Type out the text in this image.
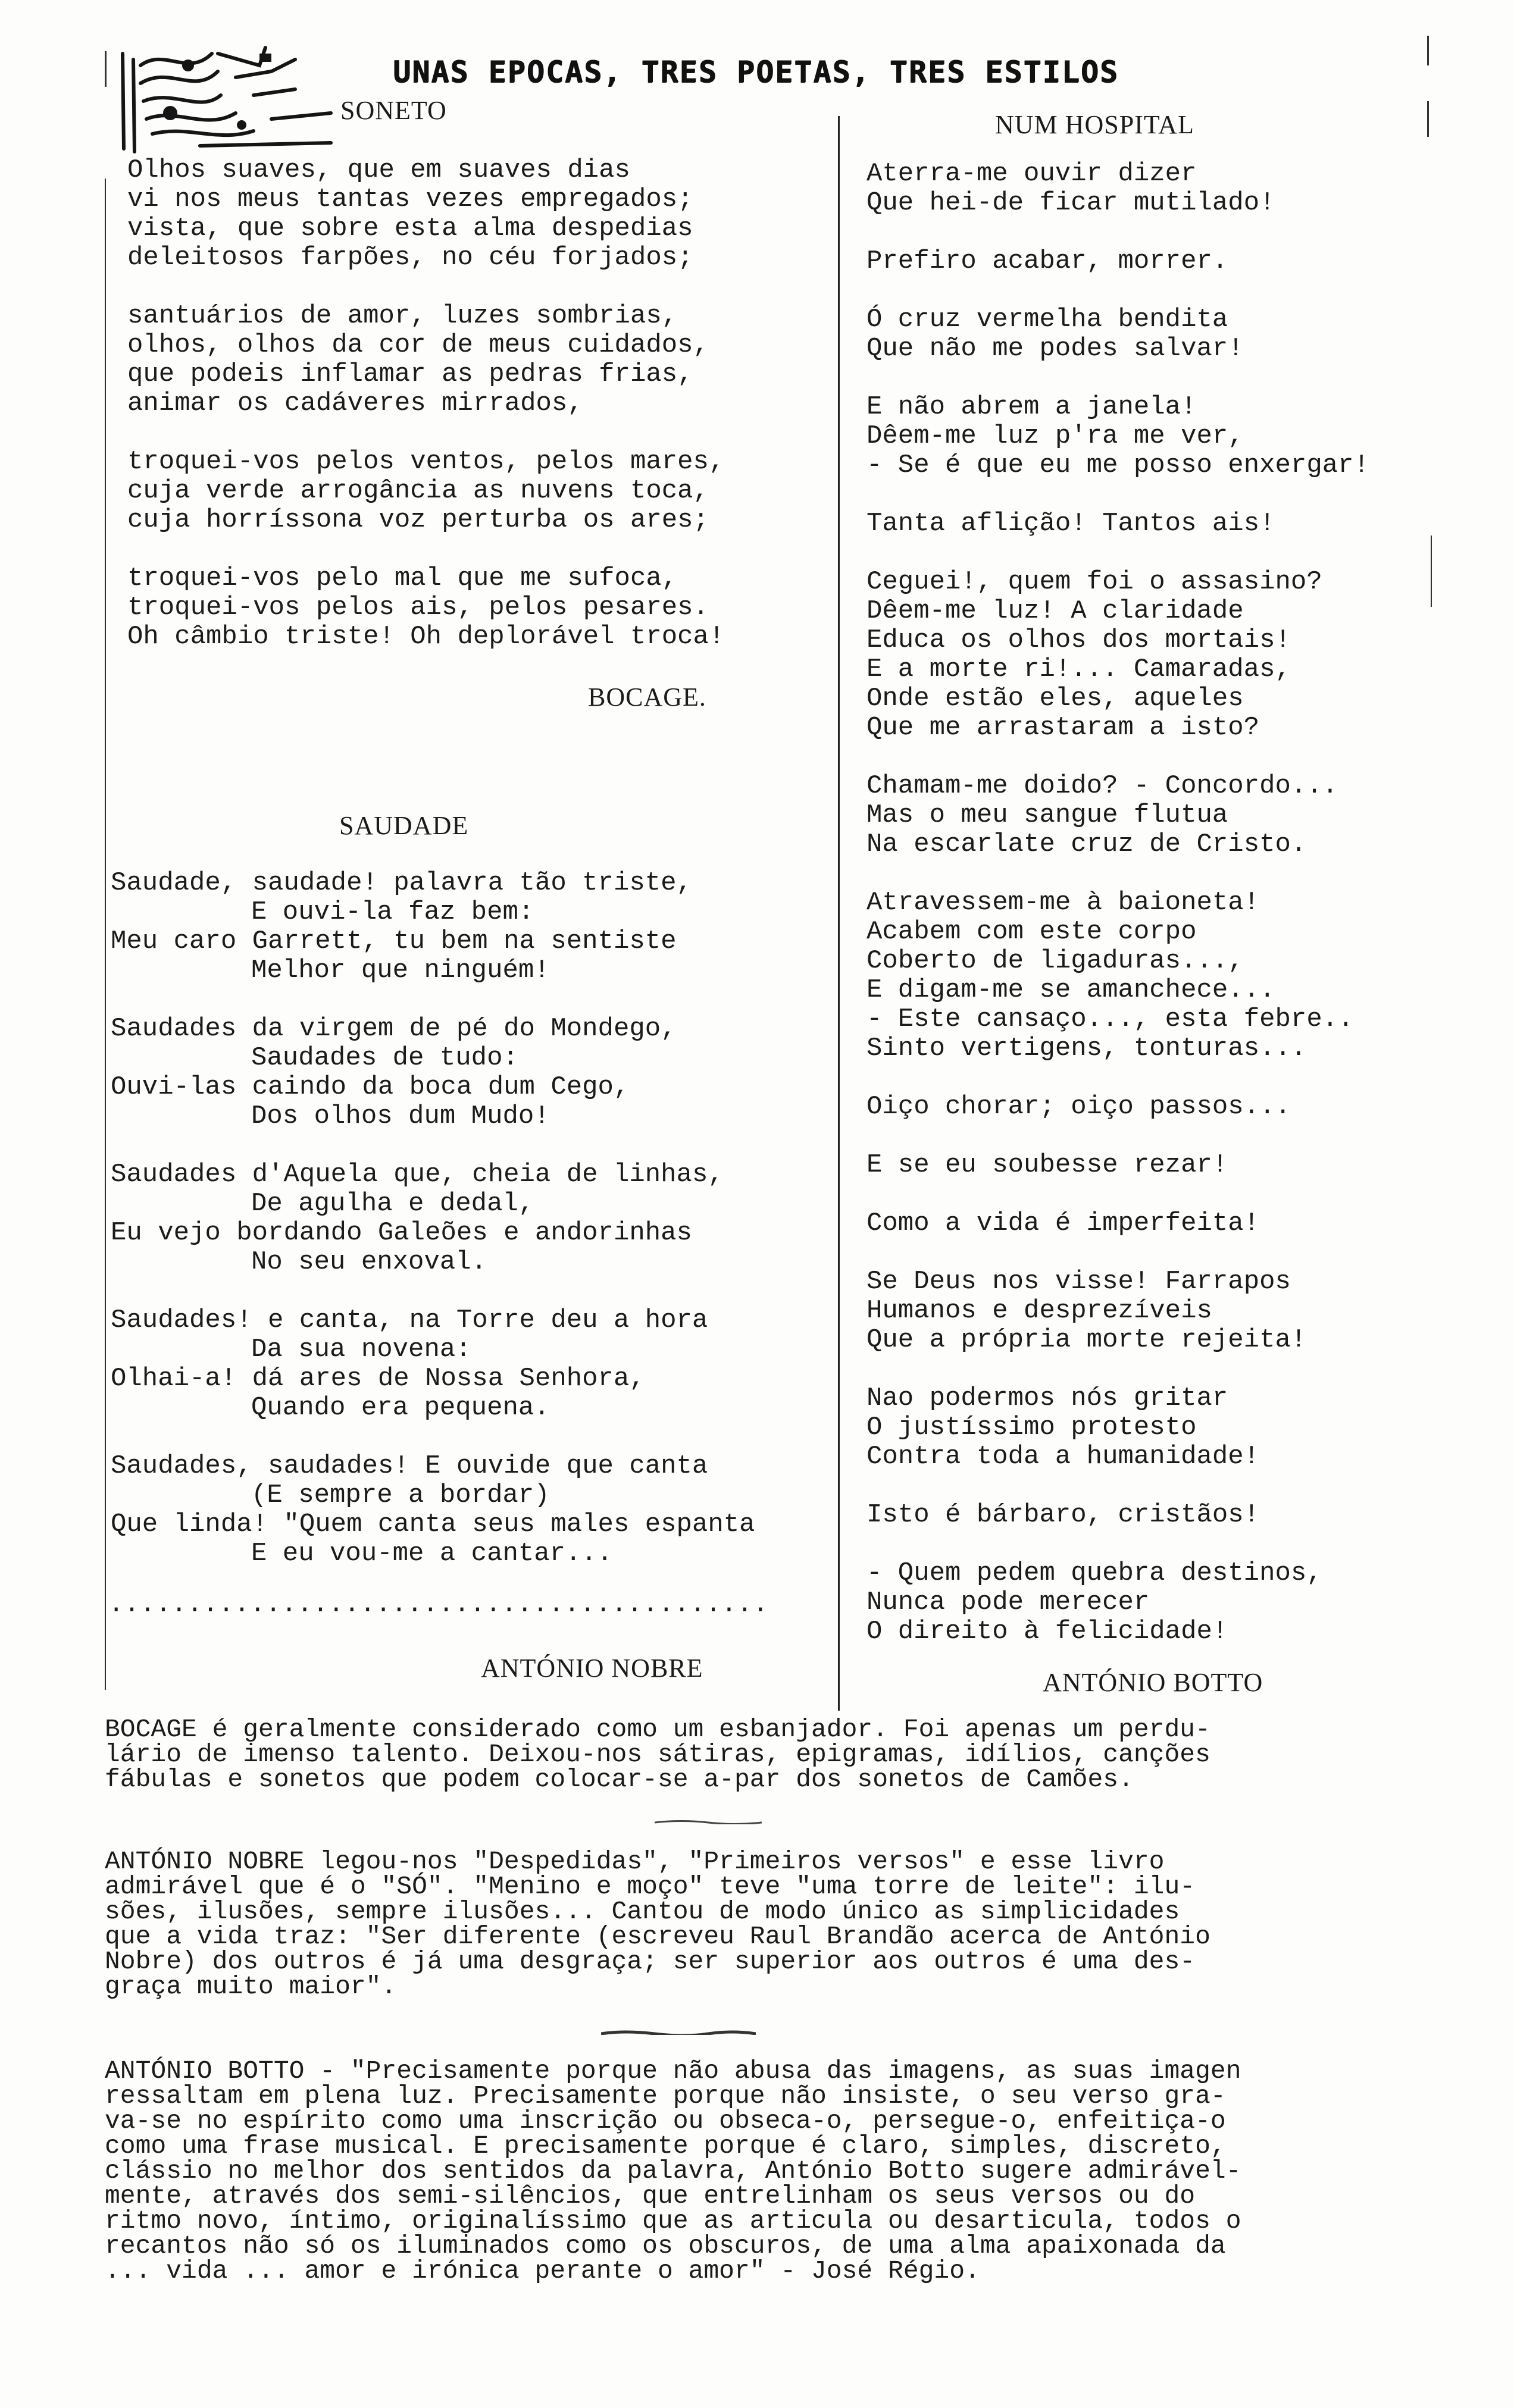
UNAS EPOCAS, TRES POETAS, TRES ESTILOS
SONETO
Olhos suaves, que em suaves dias
vi nos meus tantas vezes empregados;
vista, que sobre esta alma despedias
deleitosos farpões, no céu forjados;
santuários de amor, luzes sombrias,
olhos, olhos da cor de meus cuidados,
que podeis inflamar as pedras frias,
animar os cadáveres mirrados,
troquei-vos pelos ventos, pelos mares,
cuja verde arrogância as nuvens toca,
cuja horríssona voz perturba os ares;
troquei-vos pelo mal que me sufoca,
troquei-vos pelos ais, pelos pesares.
Oh câmbio triste! Oh deplorável troca!
BOCAGE.
SAUDADE
Saudade, saudade! palavra tão triste,
E ouvi-la faz bem:
Meu caro Garrett, tu bem na sentiste
Melhor que ninguém!
Saudades da virgem de pé do Mondego,
Saudades de tudo:
Ouvi-las caindo da boca dum Cego,
Dos olhos dum Mudo!
Saudades d'Aquela que, cheia de linhas,
De agulha e dedal,
Eu vejo bordando Galeões e andorinhas
No seu enxoval.
Saudades! e canta, na Torre deu a hora
Da sua novena:
Olhai-a! dá ares de Nossa Senhora,
Quando era pequena.
Saudades, saudades! E ouvide que canta
(E sempre a bordar)
Que linda! "Quem canta seus males espanta
E eu vou-me a cantar...
..........................................
ANTÓNIO NOBRE
NUM HOSPITAL
Aterra-me ouvir dizer
Que hei-de ficar mutilado!
Prefiro acabar, morrer.
Ó cruz vermelha bendita
Que não me podes salvar!
E não abrem a janela!
Dêem-me luz p'ra me ver,
- Se é que eu me posso enxergar!
Tanta aflição! Tantos ais!
Ceguei!, quem foi o assasino?
Dêem-me luz! A claridade
Educa os olhos dos mortais!
E a morte ri!... Camaradas,
Onde estão eles, aqueles
Que me arrastaram a isto?
Chamam-me doido? - Concordo...
Mas o meu sangue flutua
Na escarlate cruz de Cristo.
Atravessem-me à baioneta!
Acabem com este corpo
Coberto de ligaduras...,
E digam-me se amanchece...
- Este cansaço..., esta febre..
Sinto vertigens, tonturas...
Oiço chorar; oiço passos...
E se eu soubesse rezar!
Como a vida é imperfeita!
Se Deus nos visse! Farrapos
Humanos e desprezíveis
Que a própria morte rejeita!
Nao podermos nós gritar
O justíssimo protesto
Contra toda a humanidade!
Isto é bárbaro, cristãos!
- Quem pedem quebra destinos,
Nunca pode merecer
O direito à felicidade!
ANTÓNIO BOTTO
BOCAGE é geralmente considerado como um esbanjador. Foi apenas um perdu-
lário de imenso talento. Deixou-nos sátiras, epigramas, idílios, canções
fábulas e sonetos que podem colocar-se a-par dos sonetos de Camões.
ANTÓNIO NOBRE legou-nos "Despedidas", "Primeiros versos" e esse livro
admirável que é o "SÓ". "Menino e moço" teve "uma torre de leite": ilu-
sões, ilusões, sempre ilusões... Cantou de modo único as simplicidades
que a vida traz: "Ser diferente (escreveu Raul Brandão acerca de António
Nobre) dos outros é já uma desgraça; ser superior aos outros é uma des-
graça muito maior".
ANTÓNIO BOTTO - "Precisamente porque não abusa das imagens, as suas imagen
ressaltam em plena luz. Precisamente porque não insiste, o seu verso gra-
va-se no espírito como uma inscrição ou obseca-o, persegue-o, enfeitiça-o
como uma frase musical. E precisamente porque é claro, simples, discreto,
clássio no melhor dos sentidos da palavra, António Botto sugere admirável-
mente, através dos semi-silêncios, que entrelinham os seus versos ou do
ritmo novo, íntimo, originalíssimo que as articula ou desarticula, todos o
recantos não só os iluminados como os obscuros, de uma alma apaixonada da
... vida ... amor e irónica perante o amor" - José Régio.
